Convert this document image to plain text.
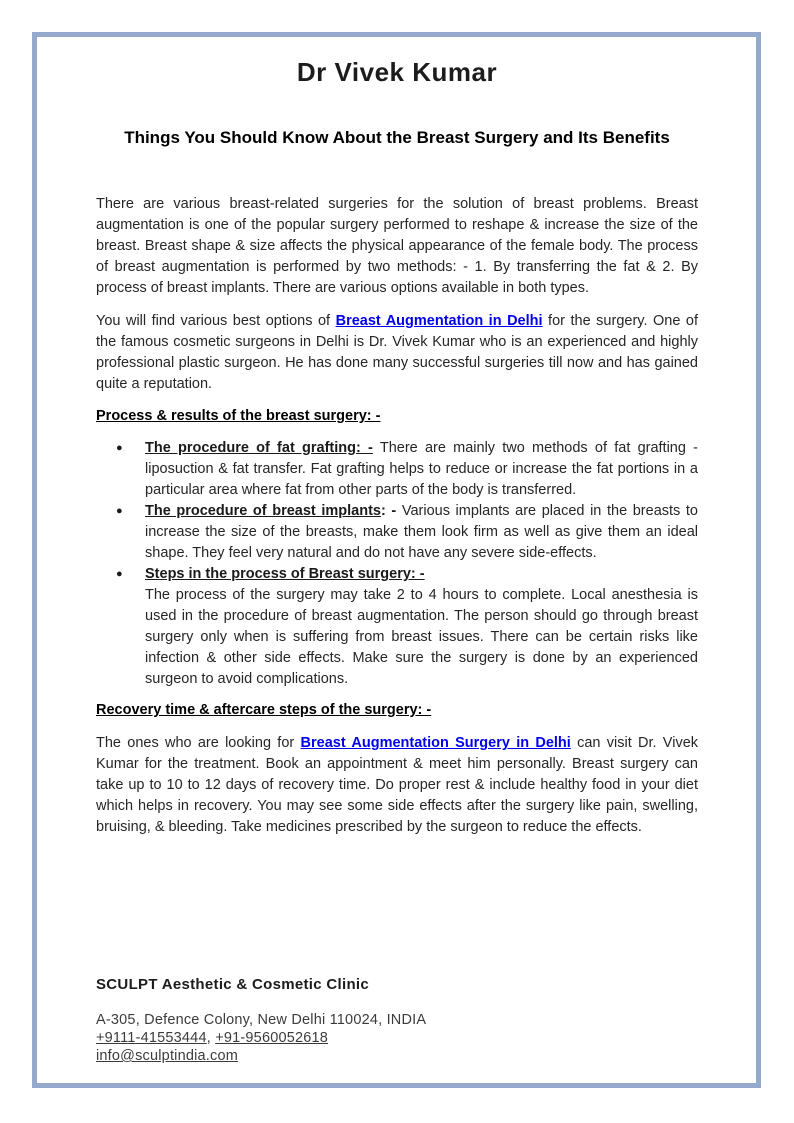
Dr Vivek Kumar
Things You Should Know About the Breast Surgery and Its Benefits

There are various breast-related surgeries for the solution of breast problems. Breast augmentation is one of the popular surgery performed to reshape & increase the size of the breast. Breast shape & size affects the physical appearance of the female body. The process of breast augmentation is performed by two methods: - 1. By transferring the fat & 2. By process of breast implants. There are various options available in both types.

You will find various best options of Breast Augmentation in Delhi for the surgery. One of the famous cosmetic surgeons in Delhi is Dr. Vivek Kumar who is an experienced and highly professional plastic surgeon. He has done many successful surgeries till now and has gained quite a reputation.

Process & results of the breast surgery: -
● The procedure of fat grafting: - There are mainly two methods of fat grafting - liposuction & fat transfer. Fat grafting helps to reduce or increase the fat portions in a particular area where fat from other parts of the body is transferred.
● The procedure of breast implants: - Various implants are placed in the breasts to increase the size of the breasts, make them look firm as well as give them an ideal shape. They feel very natural and do not have any severe side-effects.
● Steps in the process of Breast surgery: -
The process of the surgery may take 2 to 4 hours to complete. Local anesthesia is used in the procedure of breast augmentation. The person should go through breast surgery only when is suffering from breast issues. There can be certain risks like infection & other side effects. Make sure the surgery is done by an experienced surgeon to avoid complications.
Recovery time & aftercare steps of the surgery: -

The ones who are looking for Breast Augmentation Surgery in Delhi can visit Dr. Vivek Kumar for the treatment. Book an appointment & meet him personally. Breast surgery can take up to 10 to 12 days of recovery time. Do proper rest & include healthy food in your diet which helps in recovery. You may see some side effects after the surgery like pain, swelling, bruising, & bleeding. Take medicines prescribed by the surgeon to reduce the effects.

SCULPT Aesthetic & Cosmetic Clinic
A-305, Defence Colony, New Delhi 110024, INDIA
+9111-41553444, +91-9560052618
info@sculptindia.com
